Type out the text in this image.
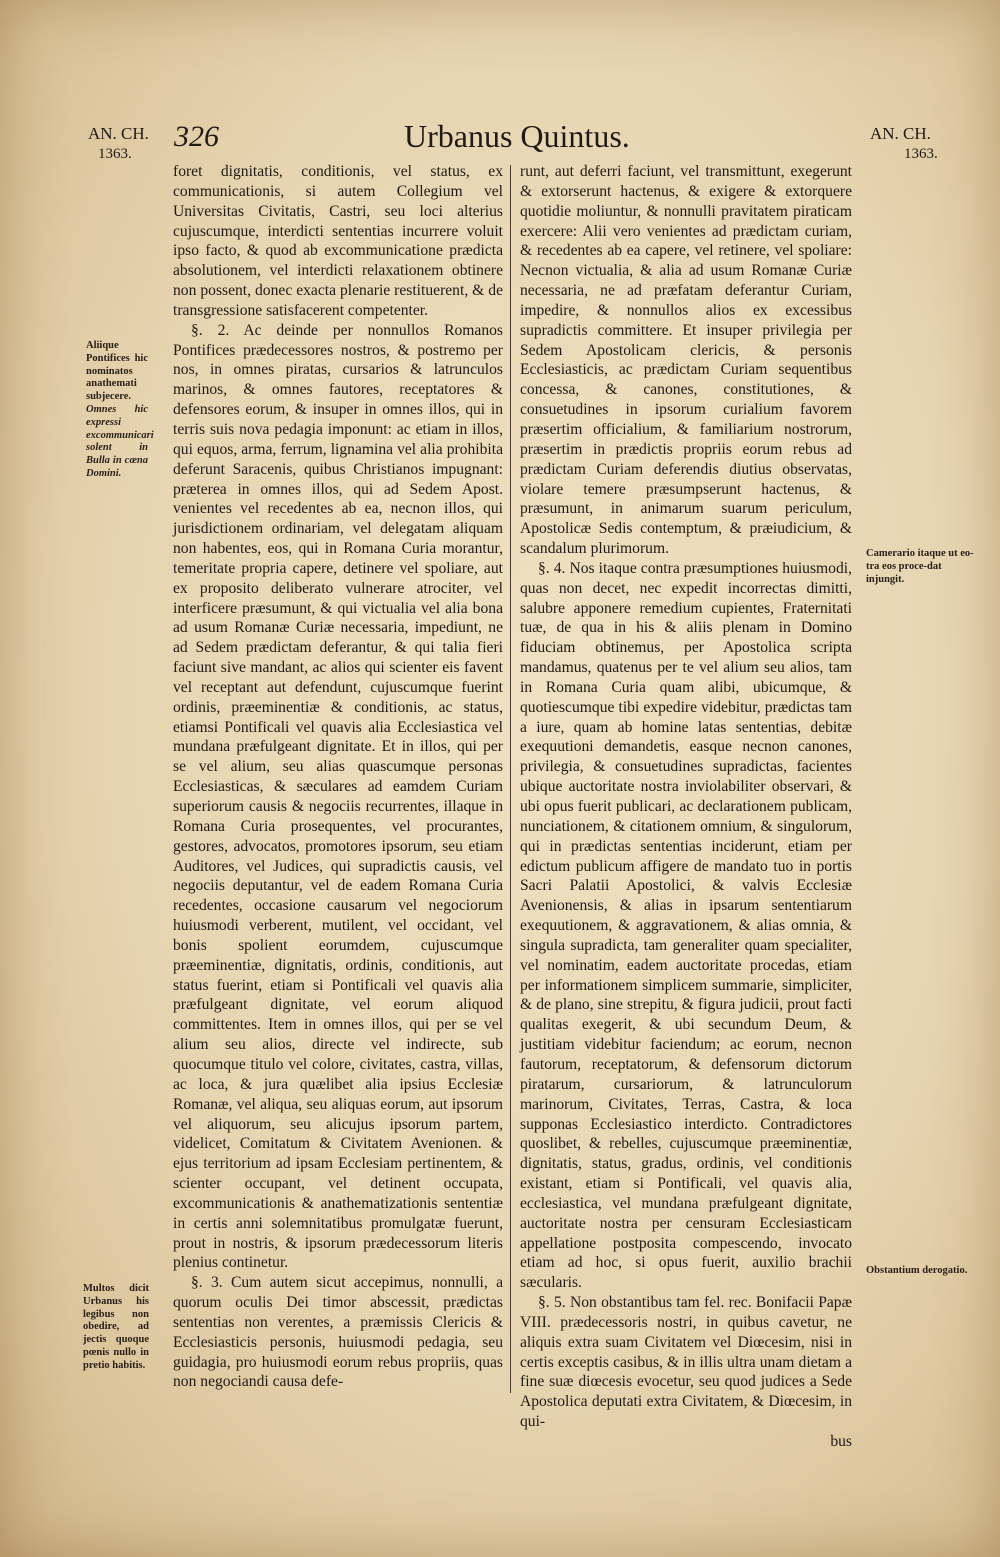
AN. CH.
1363.
326	Urbanus Quintus.	AN. CH.
1363.
Aliique Pontifices hic nominatos anathemati subjecere. Omnes hic expressi excommunicari solent in Bulla in cœna Domini.

foret dignitatis, conditionis, vel status, ex communicationis, si autem Collegium vel Universitas Civitatis, Castri, seu loci alterius cujuscumque, interdicti sententias incurrere voluit ipso facto, & quod ab excommunicatione prædicta absolutionem, vel interdicti relaxationem obtinere non possent, donec exacta plenarie restituerent, & de transgressione satisfacerent competenter.

§. 2. Ac deinde per nonnullos Romanos Pontifices prædecessores nostros, & postremo per nos, in omnes piratas, cursarios & latrunculos marinos, & omnes fautores, receptatores & defensores eorum, & insuper in omnes illos, qui in terris suis nova pedagia imponunt: ac etiam in illos, qui equos, arma, ferrum, lignamina vel alia prohibita deferunt Saracenis, quibus Christianos impugnant: præterea in omnes illos, qui ad Sedem Apost. venientes vel recedentes ab ea, necnon illos, qui jurisdictionem ordinariam, vel delegatam aliquam non habentes, eos, qui in Romana Curia morantur, temeritate propria capere, detinere vel spoliare, aut ex proposito deliberato vulnerare atrociter, vel interficere præsumunt, & qui victualia vel alia bona ad usum Romanæ Curiæ necessaria, impediunt, ne ad Sedem prædictam deferantur, & qui talia fieri faciunt sive mandant, ac alios qui scienter eis favent vel receptant aut defendunt, cujuscumque fuerint ordinis, præeminentiæ & conditionis, ac status, etiamsi Pontificali vel quavis alia Ecclesiastica vel mundana præfulgeant dignitate. Et in illos, qui per se vel alium, seu alias quascumque personas Ecclesiasticas, & sæculares ad eamdem Curiam superiorum causis & negociis recurrentes, illaque in Romana Curia prosequentes, vel procurantes, gestores, advocatos, promotores ipsorum, seu etiam Auditores, vel Judices, qui supradictis causis, vel negociis deputantur, vel de eadem Romana Curia recedentes, occasione causarum vel negociorum huiusmodi verberent, mutilent, vel occidant, vel bonis spolient eorumdem, cujuscumque præeminentiæ, dignitatis, ordinis, conditionis, aut status fuerint, etiam si Pontificali vel quavis alia præfulgeant dignitate, vel eorum aliquod committentes. Item in omnes illos, qui per se vel alium seu alios, directe vel indirecte, sub quocumque titulo vel colore, civitates, castra, villas, ac loca, & jura quælibet alia ipsius Ecclesiæ Romanæ, vel aliqua, seu aliquas eorum, aut ipsorum vel aliquorum, seu alicujus ipsorum partem, videlicet, Comitatum & Civitatem Avenionen. & ejus territorium ad ipsam Ecclesiam pertinentem, & scienter occupant, vel detinent occupata, excommunicationis & anathematizationis sententiæ in certis anni solemnitatibus promulgatæ fuerunt, prout in nostris, & ipsorum prædecessorum literis plenius continetur.

§. 3. Cum autem sicut accepimus, nonnulli, a quorum oculis Dei timor abscessit, prædictas sententias non verentes, a præmissis Clericis & Ecclesiasticis personis, huiusmodi pedagia, seu guidagia, pro huiusmodi eorum rebus propriis, quas non negociandi causa defe-

runt, aut deferri faciunt, vel transmittunt, exegerunt & extorserunt hactenus, & exigere & extorquere quotidie moliuntur, & nonnulli pravitatem piraticam exercere: Alii vero venientes ad prædictam curiam, & recedentes ab ea capere, vel retinere, vel spoliare: Necnon victualia, & alia ad usum Romanæ Curiæ necessaria, ne ad præfatam deferantur Curiam, impedire, & nonnullos alios ex excessibus supradictis committere. Et insuper privilegia per Sedem Apostolicam clericis, & personis Ecclesiasticis, ac prædictam Curiam sequentibus concessa, & canones, constitutiones, & consuetudines in ipsorum curialium favorem præsertim officialium, & familiarium nostrorum, præsertim in prædictis propriis eorum rebus ad prædictam Curiam deferendis diutius observatas, violare temere præsumpserunt hactenus, & præsumunt, in animarum suarum periculum, Apostolicæ Sedis contemptum, & præiudicium, & scandalum plurimorum.

§. 4. Nos itaque contra præsumptiones huiusmodi, quas non decet, nec expedit incorrectas dimitti, salubre apponere remedium cupientes, Fraternitati tuæ, de qua in his & aliis plenam in Domino fiduciam obtinemus, per Apostolica scripta mandamus, quatenus per te vel alium seu alios, tam in Romana Curia quam alibi, ubicumque, & quotiescumque tibi expedire videbitur, prædictas tam a iure, quam ab homine latas sententias, debitæ exequutioni demandetis, easque necnon canones, privilegia, & consuetudines supradictas, facientes ubique auctoritate nostra inviolabiliter observari, & ubi opus fuerit publicari, ac declarationem publicam, nunciationem, & citationem omnium, & singulorum, qui in prædictas sententias inciderunt, etiam per edictum publicum affigere de mandato tuo in portis Sacri Palatii Apostolici, & valvis Ecclesiæ Avenionensis, & alias in ipsarum sententiarum exequutionem, & aggravationem, & alias omnia, & singula supradicta, tam generaliter quam specialiter, vel nominatim, eadem auctoritate procedas, etiam per informationem simplicem summarie, simpliciter, & de plano, sine strepitu, & figura judicii, prout facti qualitas exegerit, & ubi secundum Deum, & justitiam videbitur faciendum; ac eorum, necnon fautorum, receptatorum, & defensorum dictorum piratarum, cursariorum, & latrunculorum marinorum, Civitates, Terras, Castra, & loca supponas Ecclesiastico interdicto. Contradictores quoslibet, & rebelles, cujuscumque præeminentiæ, dignitatis, status, gradus, ordinis, vel conditionis existant, etiam si Pontificali, vel quavis alia, ecclesiastica, vel mundana præfulgeant dignitate, auctoritate nostra per censuram Ecclesiasticam appellatione postposita compescendo, invocato etiam ad hoc, si opus fuerit, auxilio brachii sæcularis.

§. 5. Non obstantibus tam fel. rec. Bonifacii Papæ VIII. prædecessoris nostri, in quibus cavetur, ne aliquis extra suam Civitatem vel Diœcesim, nisi in certis exceptis casibus, & in illis ultra unam dietam a fine suæ diœcesis evocetur, seu quod judices a Sede Apostolica deputati extra Civitatem, & Diœcesim, in qui-

bus

Multos dicit Urbanus his legibus non obedire, ad jectis quoque pœnis nullo in pretio habitis.
Camerario itaque ut eo-tra eos proce-dat injungit.
Obstantium derogatio.
